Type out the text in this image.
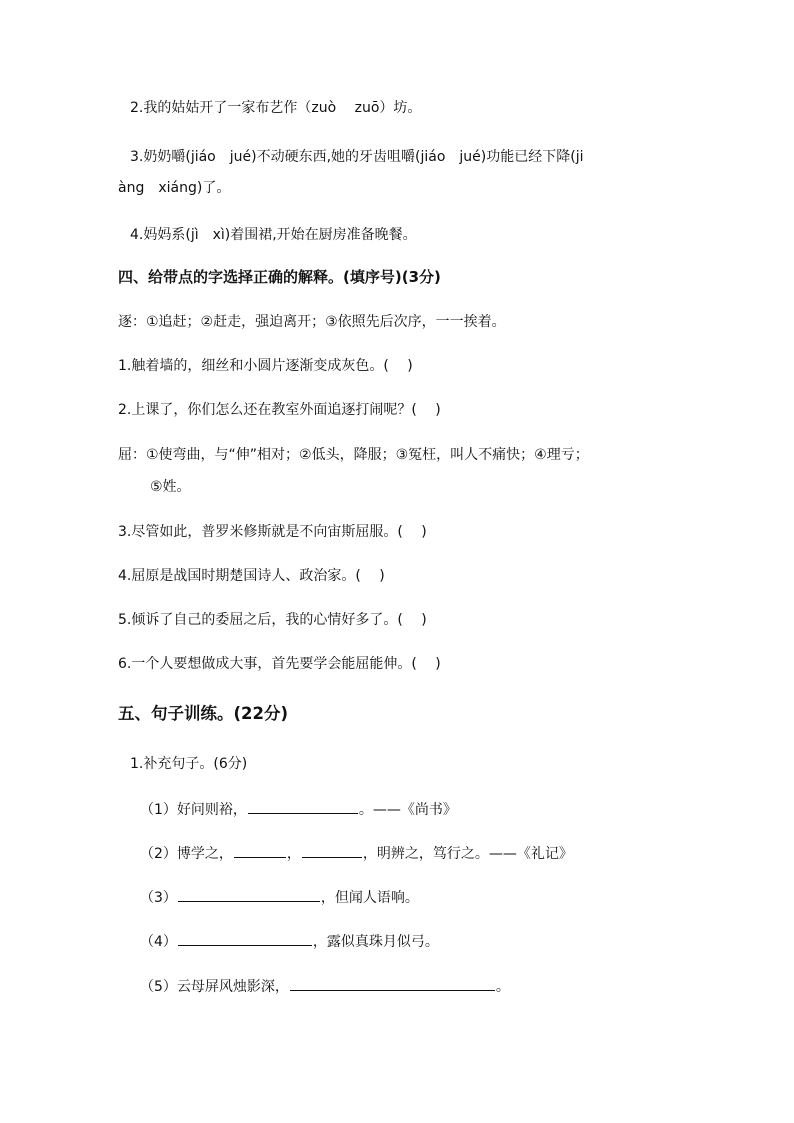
2.我的姑姑开了一家布艺作（zuò　 zuō）坊。
3.奶奶嚼(jiáo　jué)不动硬东西,她的牙齿咀嚼(jiáo　jué)功能已经下降(ji
àng　xiáng)了。
4.妈妈系(jì　xì)着围裙,开始在厨房准备晚餐。
四、给带点的字选择正确的解释。(填序号)(3分)
逐：①追赶；②赶走，强迫离开；③依照先后次序，一一挨着。
1.触着墙的，细丝和小圆片逐渐变成灰色。(　 )
2.上课了，你们怎么还在教室外面追逐打闹呢？(　 )
屈：①使弯曲，与“伸”相对；②低头，降服；③冤枉，叫人不痛快；④理亏；
⑤姓。
3.尽管如此，普罗米修斯就是不向宙斯屈服。(　 )
4.屈原是战国时期楚国诗人、政治家。(　 )
5.倾诉了自己的委屈之后，我的心情好多了。(　 )
6.一个人要想做成大事，首先要学会能屈能伸。(　 )
五、句子训练。(22分)
1.补充句子。(6分)
（1）好问则裕，	。——《尚书》
（2）博学之，	，	，明辨之，笃行之。——《礼记》
（3）	，但闻人语响。
（4）	，露似真珠月似弓。
（5）云母屏风烛影深，	。
